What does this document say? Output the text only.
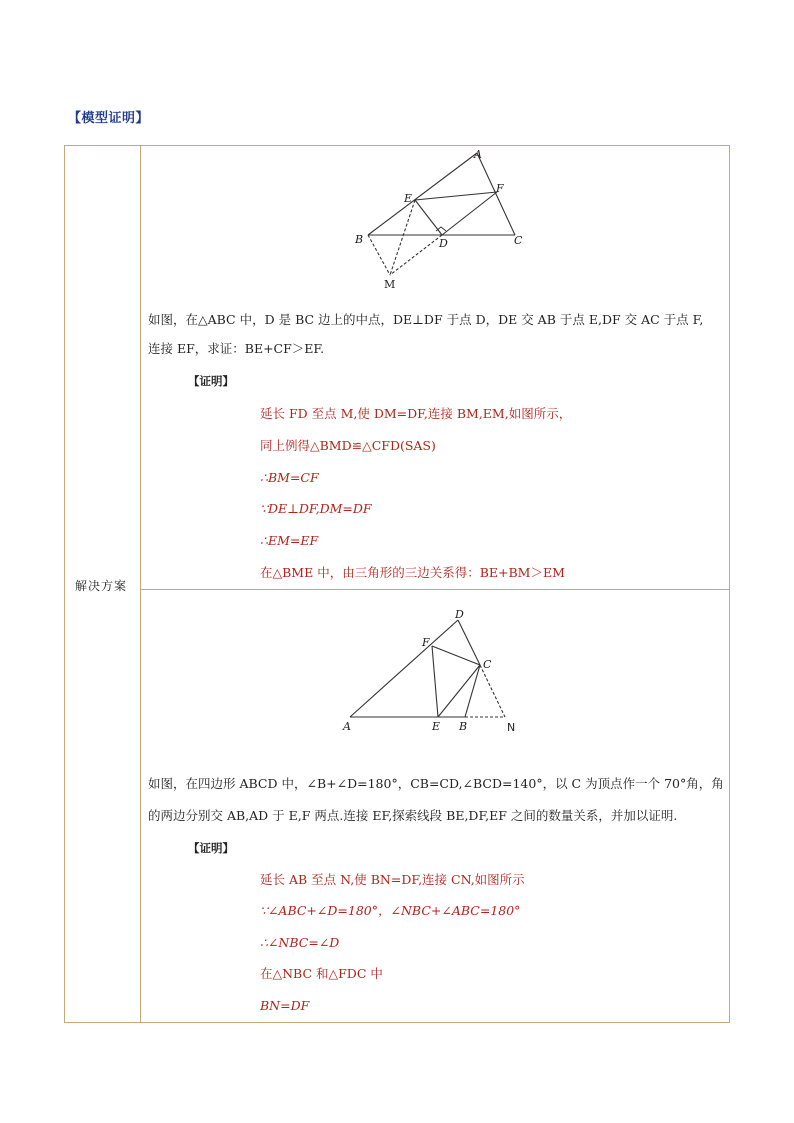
【模型证明】
解决方案
A
B	C
D
E
F
M
如图，在△ABC 中，D 是 BC 边上的中点，DE⊥DF 于点 D，DE 交 AB 于点 E,DF 交 AC 于点 F,
连接 EF，求证：BE+CF＞EF.
【证明】
延长 FD 至点 M,使 DM=DF,连接 BM,EM,如图所示，
同上例得△BMD≌△CFD(SAS)
∴BM=CF
∵DE⊥DF,DM=DF
∴EM=EF
在△BME 中，由三角形的三边关系得：BE+BM＞EM
A	B
C
D
E
F
N
如图，在四边形 ABCD 中，∠B+∠D=180°，CB=CD,∠BCD=140°，以 C 为顶点作一个 70°角，角
的两边分别交 AB,AD 于 E,F 两点.连接 EF,探索线段 BE,DF,EF 之间的数量关系，并加以证明.
【证明】
延长 AB 至点 N,使 BN=DF,连接 CN,如图所示
∵∠ABC+∠D=180°，∠NBC+∠ABC=180°
∴∠NBC=∠D
在△NBC 和△FDC 中
BN=DF
